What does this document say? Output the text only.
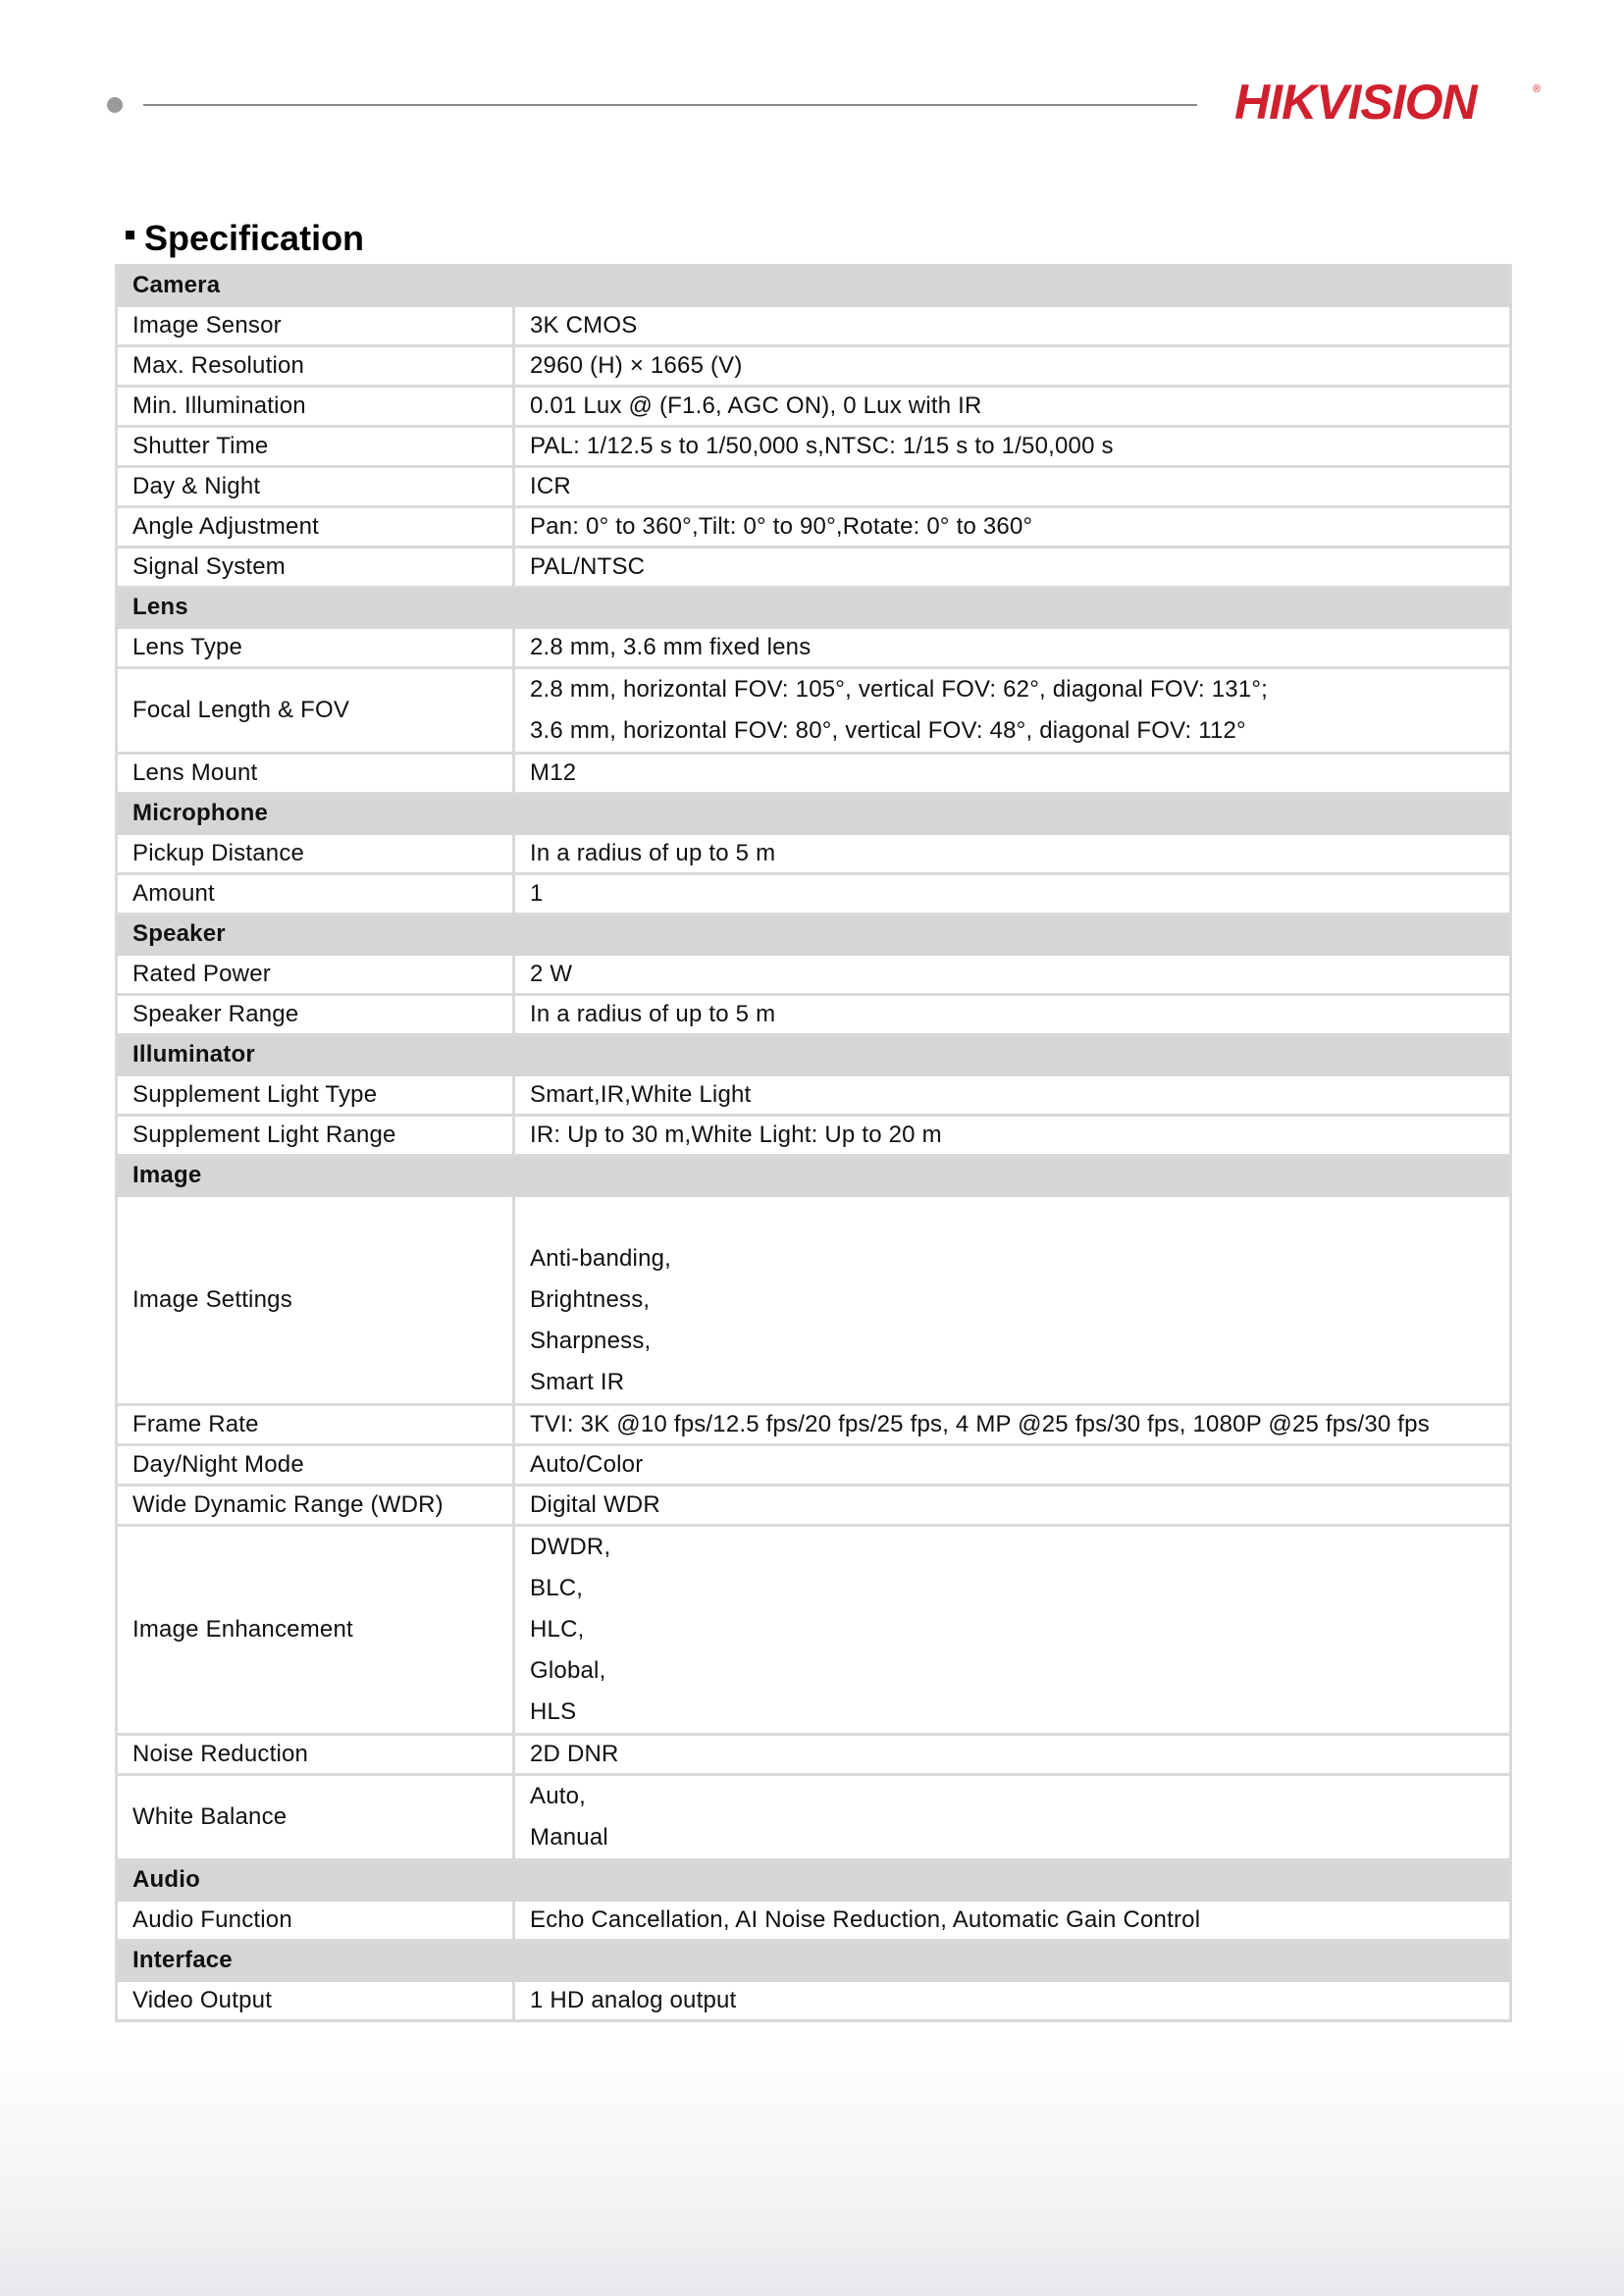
HIKVISION	®
Specification
Camera	
Image Sensor	3K CMOS
Max. Resolution	2960 (H) × 1665 (V)
Min. Illumination	0.01 Lux @ (F1.6, AGC ON), 0 Lux with IR
Shutter Time	PAL: 1/12.5 s to 1/50,000 s,NTSC: 1/15 s to 1/50,000 s
Day & Night	ICR
Angle Adjustment	Pan: 0° to 360°,Tilt: 0° to 90°,Rotate: 0° to 360°
Signal System	PAL/NTSC
Lens	
Lens Type	2.8 mm, 3.6 mm fixed lens
Focal Length & FOV	2.8 mm, horizontal FOV: 105°, vertical FOV: 62°, diagonal FOV: 131°;
3.6 mm, horizontal FOV: 80°, vertical FOV: 48°, diagonal FOV: 112°

Lens Mount	M12
Microphone	
Pickup Distance	In a radius of up to 5 m
Amount	1
Speaker	
Rated Power	2 W
Speaker Range	In a radius of up to 5 m
Illuminator	
Supplement Light Type	Smart,IR,White Light
Supplement Light Range	IR: Up to 30 m,White Light: Up to 20 m
Image	
Image Settings	Anti-banding,
Brightness,
Sharpness,
Smart IR

Frame Rate	TVI: 3K @10 fps/12.5 fps/20 fps/25 fps, 4 MP @25 fps/30 fps, 1080P @25 fps/30 fps
Day/Night Mode	Auto/Color
Wide Dynamic Range (WDR)	Digital WDR
Image Enhancement	DWDR,
BLC,
HLC,
Global,
HLS

Noise Reduction	2D DNR
White Balance	Auto,
Manual

Audio	
Audio Function	Echo Cancellation, AI Noise Reduction, Automatic Gain Control
Interface	
Video Output	1 HD analog output
